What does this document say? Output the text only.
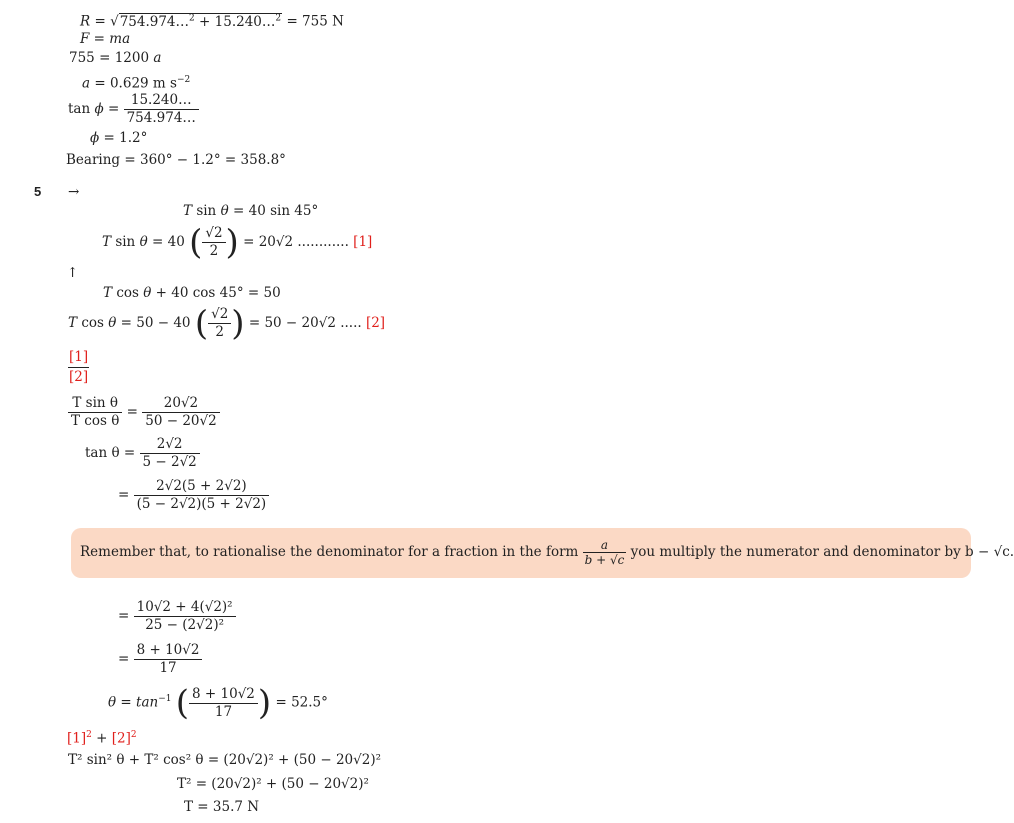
R = √754.974…$^2$ + 15.240…$^2$ = 755 N
F = ma
755 = 1200 a
a = 0.629 m $s^{-2}$
$\tan \phi = \frac{15.240\dots}{754.974\dots}$
ϕ = 1.2°
Bearing = 360° − 1.2° = 358.8°
5 →
T sin θ = 40 sin 45°
T sin θ = 40 ( $\frac{√2}{2}$ ) = 20√2 ............ [1]
↑
T cos θ + 40 cos 45° = 50
T cos θ = 50 − 40 ( $\frac{√2}{2}$ ) = 50 − 20√2 ..... [2]
$\frac{[1]}{[2]}$
$\frac{\text{T sin θ}}{\text{T cos θ}} = \frac{20√2}{50 - 20√2}$
$\tan \theta = \frac{2√2}{5 - 2√2}$
= $\frac{2√2(5 + 2√2)}{(5 - 2√2)(5 + 2√2)}$
Remember that, to rationalise the denominator for a fraction in the form $\frac{a}{b + √c}$ you multiply the numerator and denominator by b − √c.
= $\frac{\text{10√2 + 4(√2)²}}{\text{25 − (2√2)²}}$
= $\frac{8 + 10√2}{17}$
$\theta = \tan^{-1}$ ( $\frac{8 + 10√2}{17}$ ) = 52.5°
$[1]^2 + [2]^2$
T² sin² θ + T² cos² θ = (20√2)² + (50 − 20√2)²
T² = (20√2)² + (50 − 20√2)²
T = 35.7 N
